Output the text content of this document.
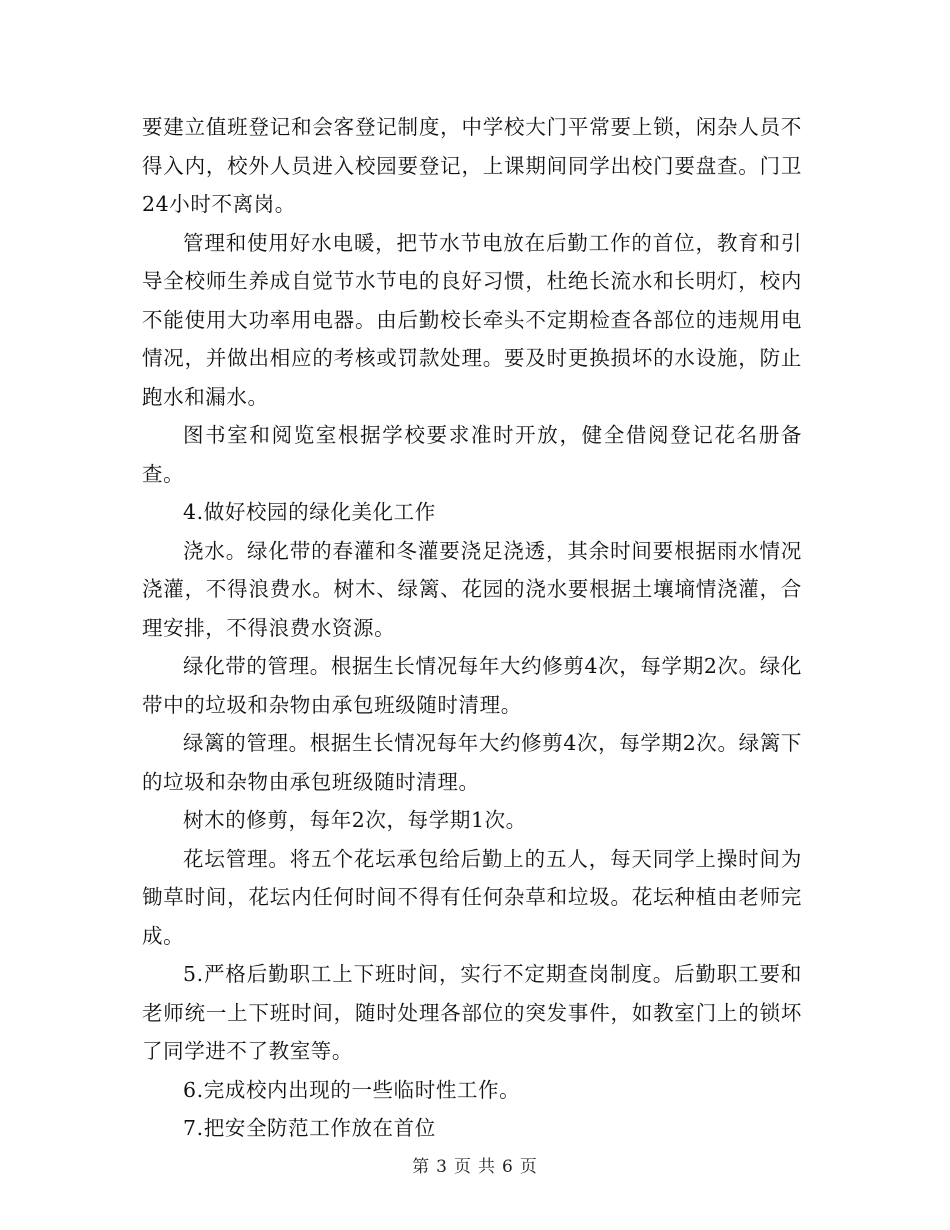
要建立值班登记和会客登记制度，中学校大门平常要上锁，闲杂人员不得入内，校外人员进入校园要登记，上课期间同学出校门要盘查。门卫24小时不离岗。

管理和使用好水电暖，把节水节电放在后勤工作的首位，教育和引导全校师生养成自觉节水节电的良好习惯，杜绝长流水和长明灯，校内不能使用大功率用电器。由后勤校长牵头不定期检查各部位的违规用电情况，并做出相应的考核或罚款处理。要及时更换损坏的水设施，防止跑水和漏水。

图书室和阅览室根据学校要求准时开放，健全借阅登记花名册备查。

4.做好校园的绿化美化工作

浇水。绿化带的春灌和冬灌要浇足浇透，其余时间要根据雨水情况浇灌，不得浪费水。树木、绿篱、花园的浇水要根据土壤墒情浇灌，合理安排，不得浪费水资源。

绿化带的管理。根据生长情况每年大约修剪4次，每学期2次。绿化带中的垃圾和杂物由承包班级随时清理。

绿篱的管理。根据生长情况每年大约修剪4次，每学期2次。绿篱下的垃圾和杂物由承包班级随时清理。

树木的修剪，每年2次，每学期1次。

花坛管理。将五个花坛承包给后勤上的五人，每天同学上操时间为锄草时间，花坛内任何时间不得有任何杂草和垃圾。花坛种植由老师完成。

5.严格后勤职工上下班时间，实行不定期查岗制度。后勤职工要和老师统一上下班时间，随时处理各部位的突发事件，如教室门上的锁坏了同学进不了教室等。

6.完成校内出现的一些临时性工作。

7.把安全防范工作放在首位

第 3 页 共 6 页
